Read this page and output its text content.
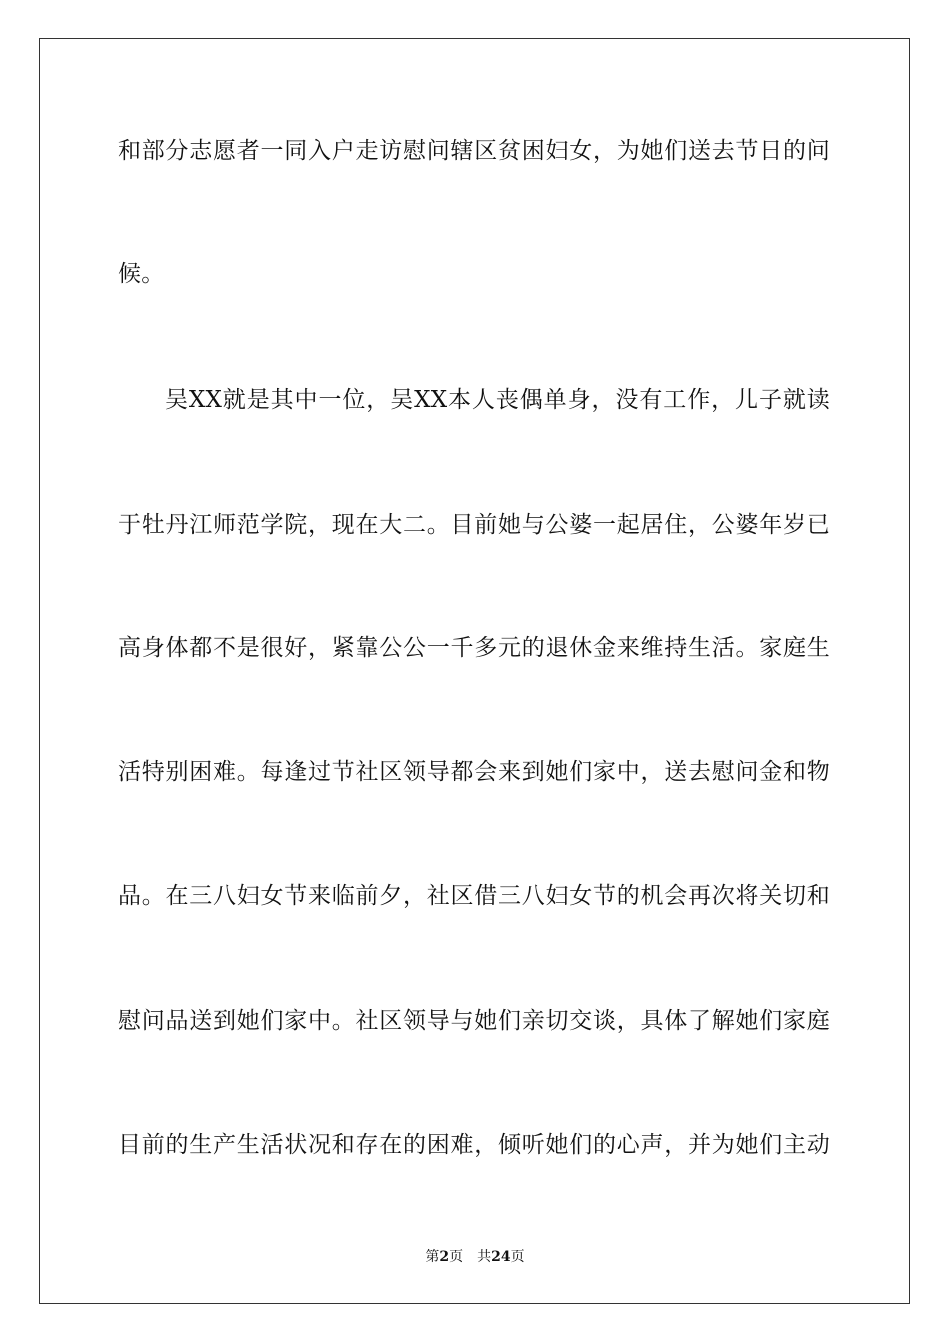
和部分志愿者一同入户走访慰问辖区贫困妇女，为她们送去节日的问
候。
吴XX就是其中一位，吴XX本人丧偶单身，没有工作，儿子就读
于牡丹江师范学院，现在大二。目前她与公婆一起居住，公婆年岁已
高身体都不是很好，紧靠公公一千多元的退休金来维持生活。家庭生
活特别困难。每逢过节社区领导都会来到她们家中，送去慰问金和物
品。在三八妇女节来临前夕，社区借三八妇女节的机会再次将关切和
慰问品送到她们家中。社区领导与她们亲切交谈，具体了解她们家庭
目前的生产生活状况和存在的困难，倾听她们的心声，并为她们主动
第2页 共24页
